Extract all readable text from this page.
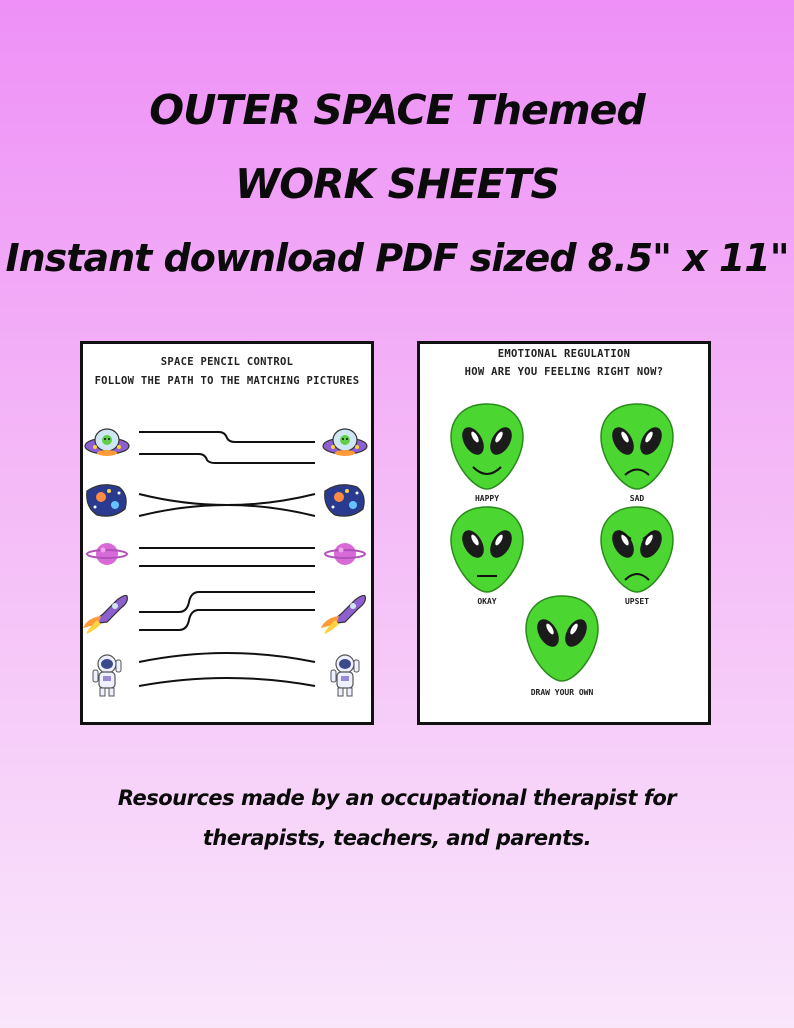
OUTER SPACE Themed
WORK SHEETS
Instant download PDF sized 8.5" x 11"
SPACE PENCIL CONTROL
FOLLOW THE PATH TO THE MATCHING PICTURES
EMOTIONAL REGULATION
HOW ARE YOU FEELING RIGHT NOW?
HAPPY	SAD
OKAY	UPSET
DRAW YOUR OWN

Resources made by an occupational therapist for

therapists, teachers, and parents.
